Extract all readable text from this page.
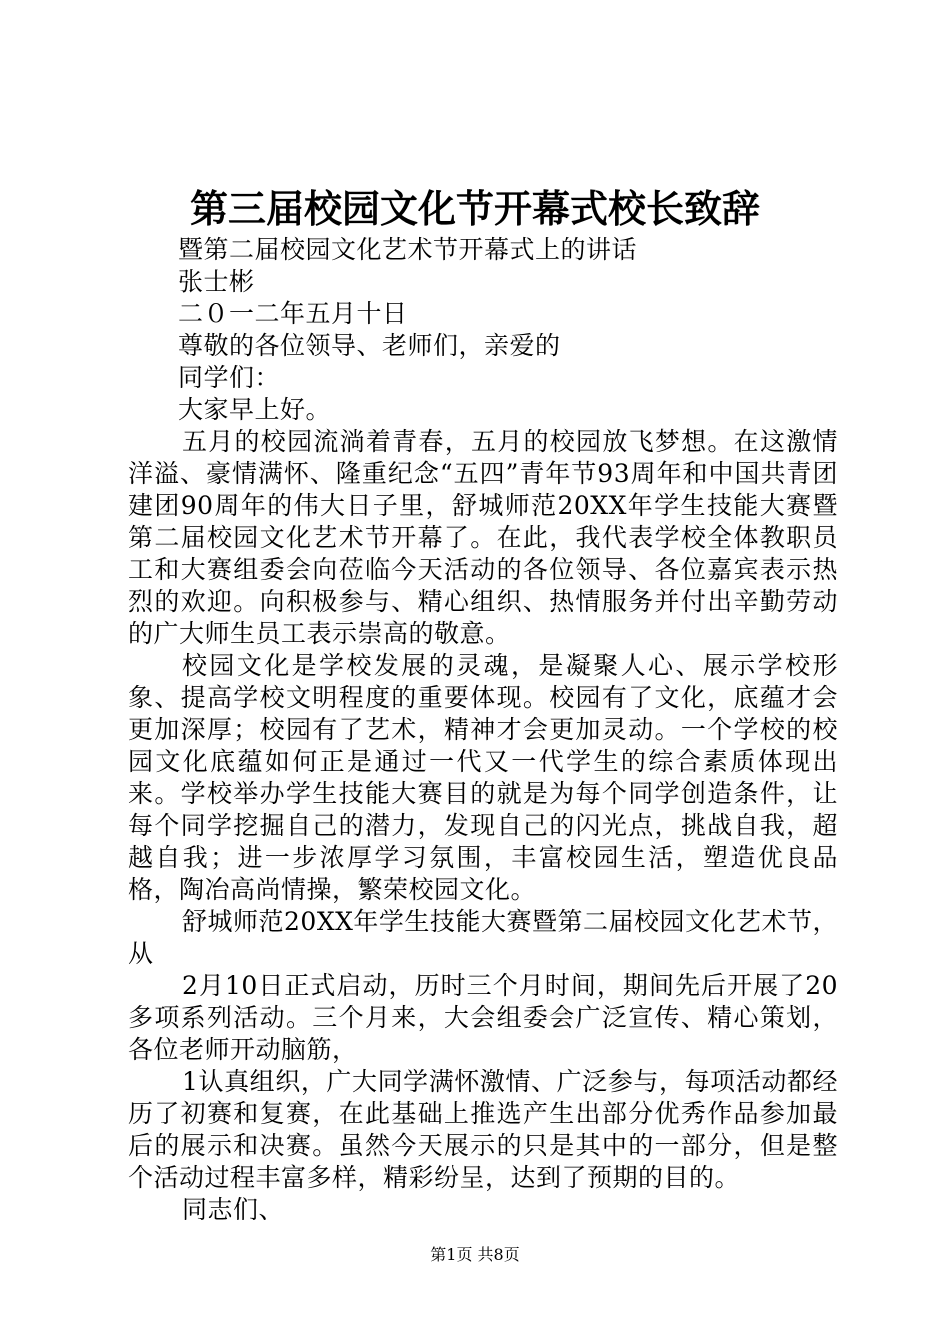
第三届校园文化节开幕式校长致辞
暨第二届校园文化艺术节开幕式上的讲话
张士彬
二０一二年五月十日
尊敬的各位领导、老师们，亲爱的
同学们：
大家早上好。

五月的校园流淌着青春，五月的校园放飞梦想。在这激情洋溢、豪情满怀、隆重纪念“五四”青年节93周年和中国共青团建团90周年的伟大日子里，舒城师范20XX年学生技能大赛暨第二届校园文化艺术节开幕了。在此，我代表学校全体教职员工和大赛组委会向莅临今天活动的各位领导、各位嘉宾表示热烈的欢迎。向积极参与、精心组织、热情服务并付出辛勤劳动的广大师生员工表示崇高的敬意。

校园文化是学校发展的灵魂，是凝聚人心、展示学校形象、提高学校文明程度的重要体现。校园有了文化，底蕴才会更加深厚；校园有了艺术，精神才会更加灵动。一个学校的校园文化底蕴如何正是通过一代又一代学生的综合素质体现出来。学校举办学生技能大赛目的就是为每个同学创造条件，让每个同学挖掘自己的潜力，发现自己的闪光点，挑战自我，超越自我；进一步浓厚学习氛围，丰富校园生活，塑造优良品格，陶冶高尚情操，繁荣校园文化。

舒城师范20XX年学生技能大赛暨第二届校园文化艺术节，从

2月10日正式启动，历时三个月时间，期间先后开展了20多项系列活动。三个月来，大会组委会广泛宣传、精心策划，各位老师开动脑筋，

1认真组织，广大同学满怀激情、广泛参与，每项活动都经历了初赛和复赛，在此基础上推选产生出部分优秀作品参加最后的展示和决赛。虽然今天展示的只是其中的一部分，但是整个活动过程丰富多样，精彩纷呈，达到了预期的目的。

同志们、

第1页 共8页
